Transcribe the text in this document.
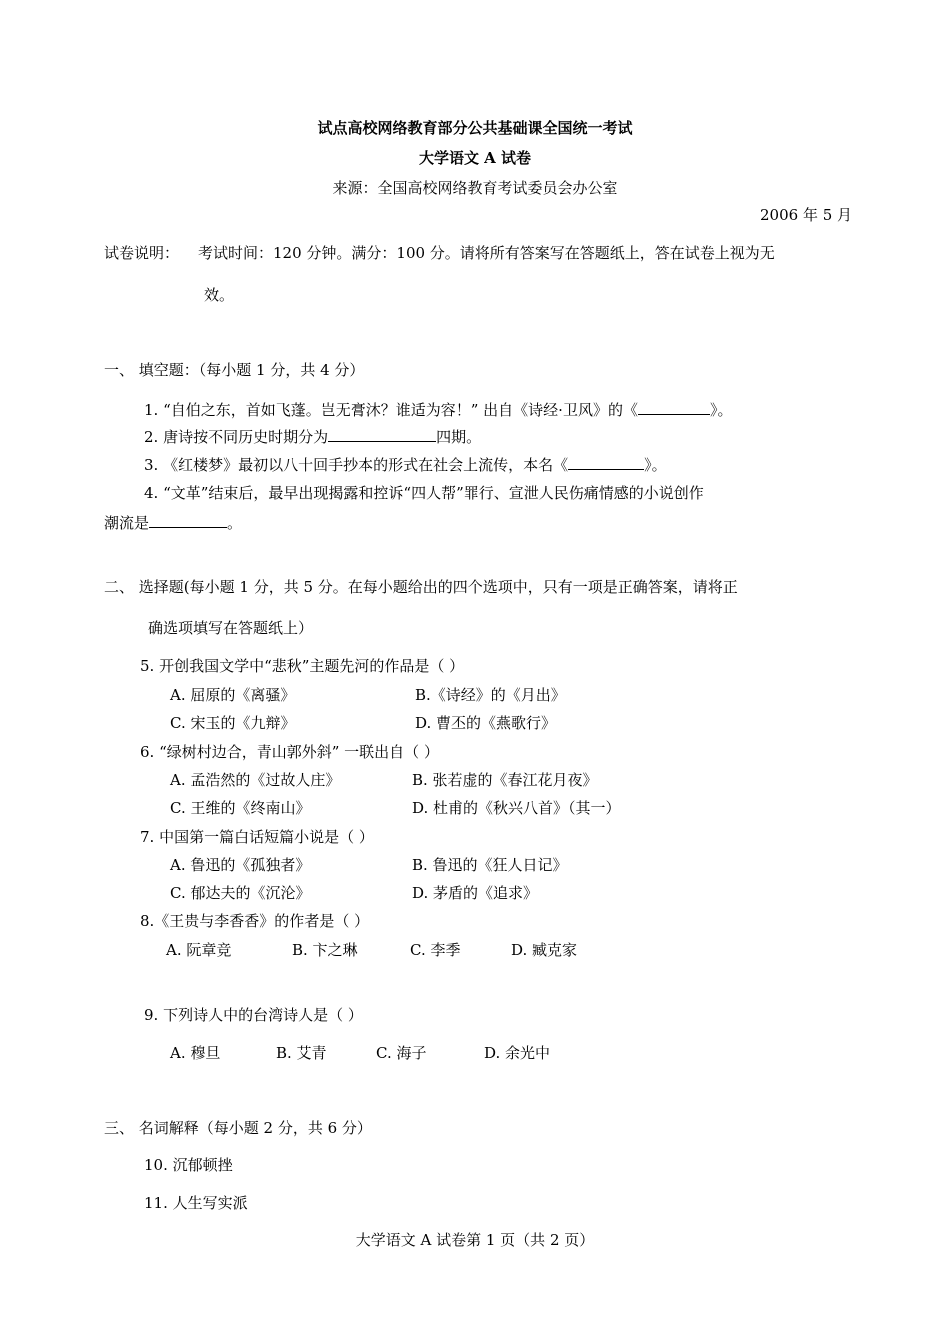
试点高校网络教育部分公共基础课全国统一考试
大学语文 A 试卷
来源：全国高校网络教育考试委员会办公室
2006 年 5 月
试卷说明： 考试时间：120 分钟。满分：100 分。请将所有答案写在答题纸上，答在试卷上视为无
效。
一、 填空题：（每小题 1 分，共 4 分）
1. “自伯之东，首如飞蓬。岂无膏沐？谁适为容！” 出自《诗经·卫风》的《	》。
2. 唐诗按不同历史时期分为	四期。
3. 《红楼梦》最初以八十回手抄本的形式在社会上流传，本名《	》。
4. “文革”结束后，最早出现揭露和控诉“四人帮”罪行、宣泄人民伤痛情感的小说创作
潮流是	。
二、 选择题(每小题 1 分，共 5 分。在每小题给出的四个选项中，只有一项是正确答案，请将正
确选项填写在答题纸上）
5. 开创我国文学中“悲秋”主题先河的作品是（ ）
A. 屈原的《离骚》	B.《诗经》的《月出》
C. 宋玉的《九辩》	D. 曹丕的《燕歌行》
6. “绿树村边合，青山郭外斜” 一联出自（ ）
A. 孟浩然的《过故人庄》	B. 张若虚的《春江花月夜》
C. 王维的《终南山》	D. 杜甫的《秋兴八首》（其一）
7. 中国第一篇白话短篇小说是（ ）
A. 鲁迅的《孤独者》	B. 鲁迅的《狂人日记》
C. 郁达夫的《沉沦》	D. 茅盾的《追求》
8.《王贵与李香香》的作者是（ ）
A. 阮章竞	B. 卞之琳	C. 李季	D. 臧克家
9. 下列诗人中的台湾诗人是（ ）
A. 穆旦	B. 艾青	C. 海子	D. 余光中
三、 名词解释（每小题 2 分，共 6 分）
10. 沉郁顿挫
11. 人生写实派
大学语文 A 试卷第 1 页（共 2 页）
